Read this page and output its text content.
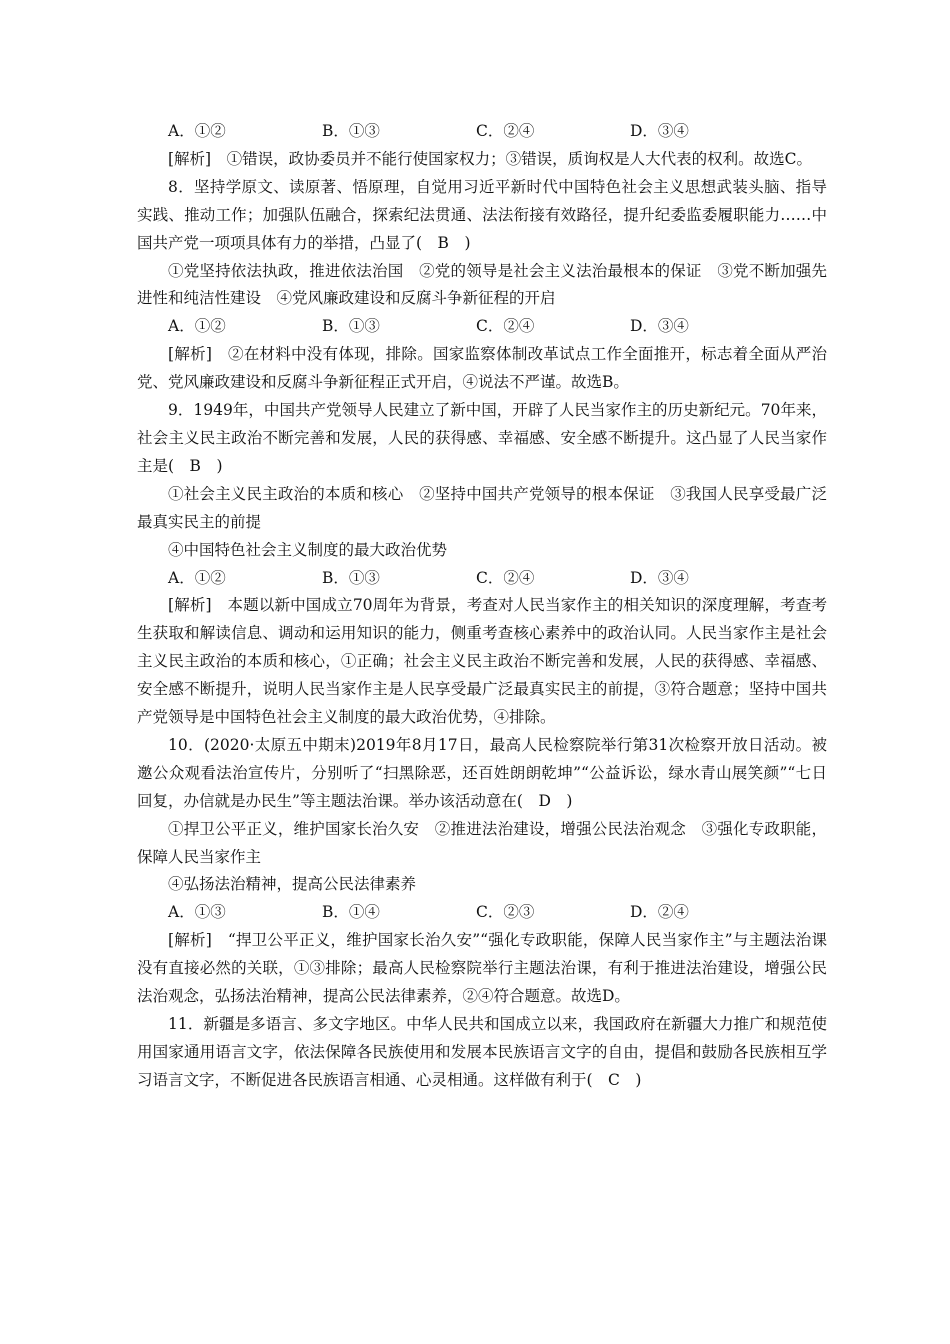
A．①②	B．①③	C．②④	D．③④

[解析]　①错误，政协委员并不能行使国家权力；③错误，质询权是人大代表的权利。故选C。

8．坚持学原文、读原著、悟原理，自觉用习近平新时代中国特色社会主义思想武装头脑、指导实践、推动工作；加强队伍融合，探索纪法贯通、法法衔接有效路径，提升纪委监委履职能力……中国共产党一项项具体有力的举措，凸显了(　B　)

①党坚持依法执政，推进依法治国　②党的领导是社会主义法治最根本的保证　③党不断加强先进性和纯洁性建设　④党风廉政建设和反腐斗争新征程的开启

A．①②	B．①③	C．②④	D．③④

[解析]　②在材料中没有体现，排除。国家监察体制改革试点工作全面推开，标志着全面从严治党、党风廉政建设和反腐斗争新征程正式开启，④说法不严谨。故选B。

9．1949年，中国共产党领导人民建立了新中国，开辟了人民当家作主的历史新纪元。70年来，社会主义民主政治不断完善和发展，人民的获得感、幸福感、安全感不断提升。这凸显了人民当家作主是(　B　)

①社会主义民主政治的本质和核心　②坚持中国共产党领导的根本保证　③我国人民享受最广泛最真实民主的前提

④中国特色社会主义制度的最大政治优势

A．①②	B．①③	C．②④	D．③④

[解析]　本题以新中国成立70周年为背景，考查对人民当家作主的相关知识的深度理解，考查考生获取和解读信息、调动和运用知识的能力，侧重考查核心素养中的政治认同。人民当家作主是社会主义民主政治的本质和核心，①正确；社会主义民主政治不断完善和发展，人民的获得感、幸福感、安全感不断提升，说明人民当家作主是人民享受最广泛最真实民主的前提，③符合题意；坚持中国共产党领导是中国特色社会主义制度的最大政治优势，④排除。

10．(2020·太原五中期末)2019年8月17日，最高人民检察院举行第31次检察开放日活动。被邀公众观看法治宣传片，分别听了“扫黑除恶，还百姓朗朗乾坤”“公益诉讼，绿水青山展笑颜”“七日回复，办信就是办民生”等主题法治课。举办该活动意在(　D　)

①捍卫公平正义，维护国家长治久安　②推进法治建设，增强公民法治观念　③强化专政职能，保障人民当家作主

④弘扬法治精神，提高公民法律素养

A．①③	B．①④	C．②③	D．②④

[解析]　“捍卫公平正义，维护国家长治久安”“强化专政职能，保障人民当家作主”与主题法治课没有直接必然的关联，①③排除；最高人民检察院举行主题法治课，有利于推进法治建设，增强公民法治观念，弘扬法治精神，提高公民法律素养，②④符合题意。故选D。

11．新疆是多语言、多文字地区。中华人民共和国成立以来，我国政府在新疆大力推广和规范使用国家通用语言文字，依法保障各民族使用和发展本民族语言文字的自由，提倡和鼓励各民族相互学习语言文字，不断促进各民族语言相通、心灵相通。这样做有利于(　C　)
